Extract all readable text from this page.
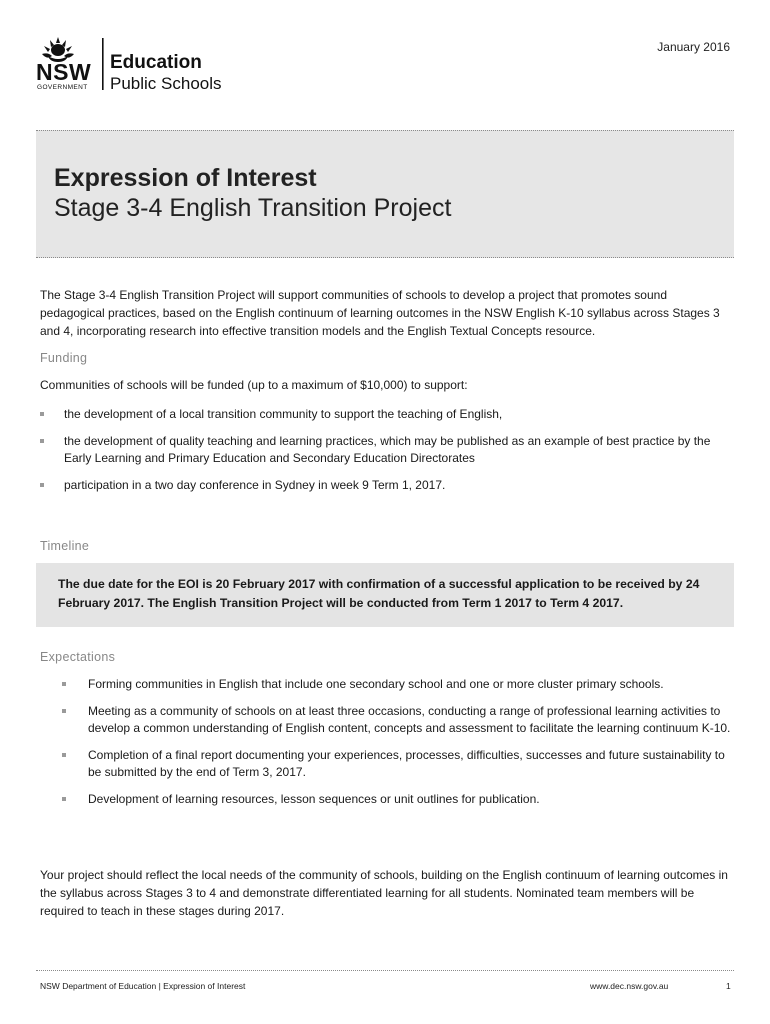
NSW
GOVERNMENT
Education
Public Schools
January 2016
Expression of Interest
Stage 3-4 English Transition Project
The Stage 3-4 English Transition Project will support communities of schools to develop a project that promotes sound pedagogical practices, based on the English continuum of learning outcomes in the NSW English K-10 syllabus across Stages 3 and 4, incorporating research into effective transition models and the English Textual Concepts resource.
Funding
Communities of schools will be funded (up to a maximum of $10,000) to support:
the development of a local transition community to support the teaching of English,
the development of quality teaching and learning practices, which may be published as an example of best practice by the Early Learning and Primary Education and Secondary Education Directorates
participation in a two day conference in Sydney in week 9 Term 1, 2017.
Timeline
The due date for the EOI is 20 February 2017 with confirmation of a successful application to be received by 24 February 2017. The English Transition Project will be conducted from Term 1 2017 to Term 4 2017.
Expectations
Forming communities in English that include one secondary school and one or more cluster primary schools.
Meeting as a community of schools on at least three occasions, conducting a range of professional learning activities to develop a common understanding of English content, concepts and assessment to facilitate the learning continuum K-10.
Completion of a final report documenting your experiences, processes, difficulties, successes and future sustainability to be submitted by the end of Term 3, 2017.
Development of learning resources, lesson sequences or unit outlines for publication.
Your project should reflect the local needs of the community of schools, building on the English continuum of learning outcomes in the syllabus across Stages 3 to 4 and demonstrate differentiated learning for all students. Nominated team members will be required to teach in these stages during 2017.
NSW Department of Education | Expression of Interest	www.dec.nsw.gov.au	1
